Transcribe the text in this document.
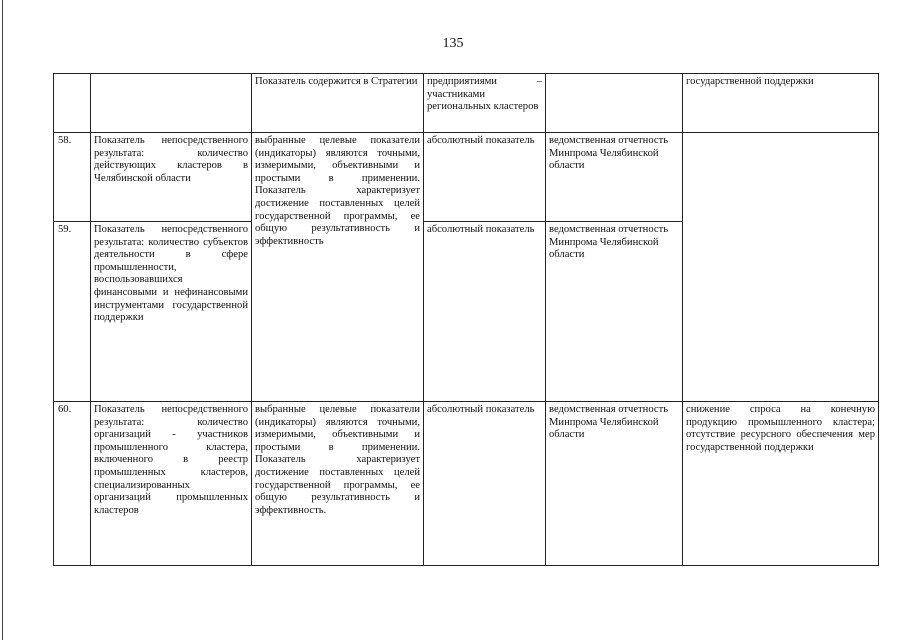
135
		Показатель содержится в Стратегии	предприятиями – участниками региональных кластеров		государственной поддержки
58.	Показатель непосредственного результата: количество действующих кластеров в Челябинской области	выбранные целевые показатели (индикаторы) являются точными, измеримыми, объективными и простыми в применении. Показатель характеризует достижение поставленных целей государственной программы, ее общую результативность и эффективность	абсолютный показатель	ведомственная отчетность Минпрома Челябинской области	
59.	Показатель непосредственного результата: количество субъектов деятельности в сфере промышленности, воспользовавшихся финансовыми и нефинансовыми инструментами государственной поддержки		абсолютный показатель	ведомственная отчетность Минпрома Челябинской области	
60.	Показатель непосредственного результата: количество организаций - участников промышленного кластера, включенного в реестр промышленных кластеров, специализированных организаций промышленных кластеров	выбранные целевые показатели (индикаторы) являются точными, измеримыми, объективными и простыми в применении. Показатель характеризует достижение поставленных целей государственной программы, ее общую результативность и эффективность.	абсолютный показатель	ведомственная отчетность Минпрома Челябинской области	снижение спроса на конечную продукцию промышленного кластера; отсутствие ресурсного обеспечения мер государственной поддержки
